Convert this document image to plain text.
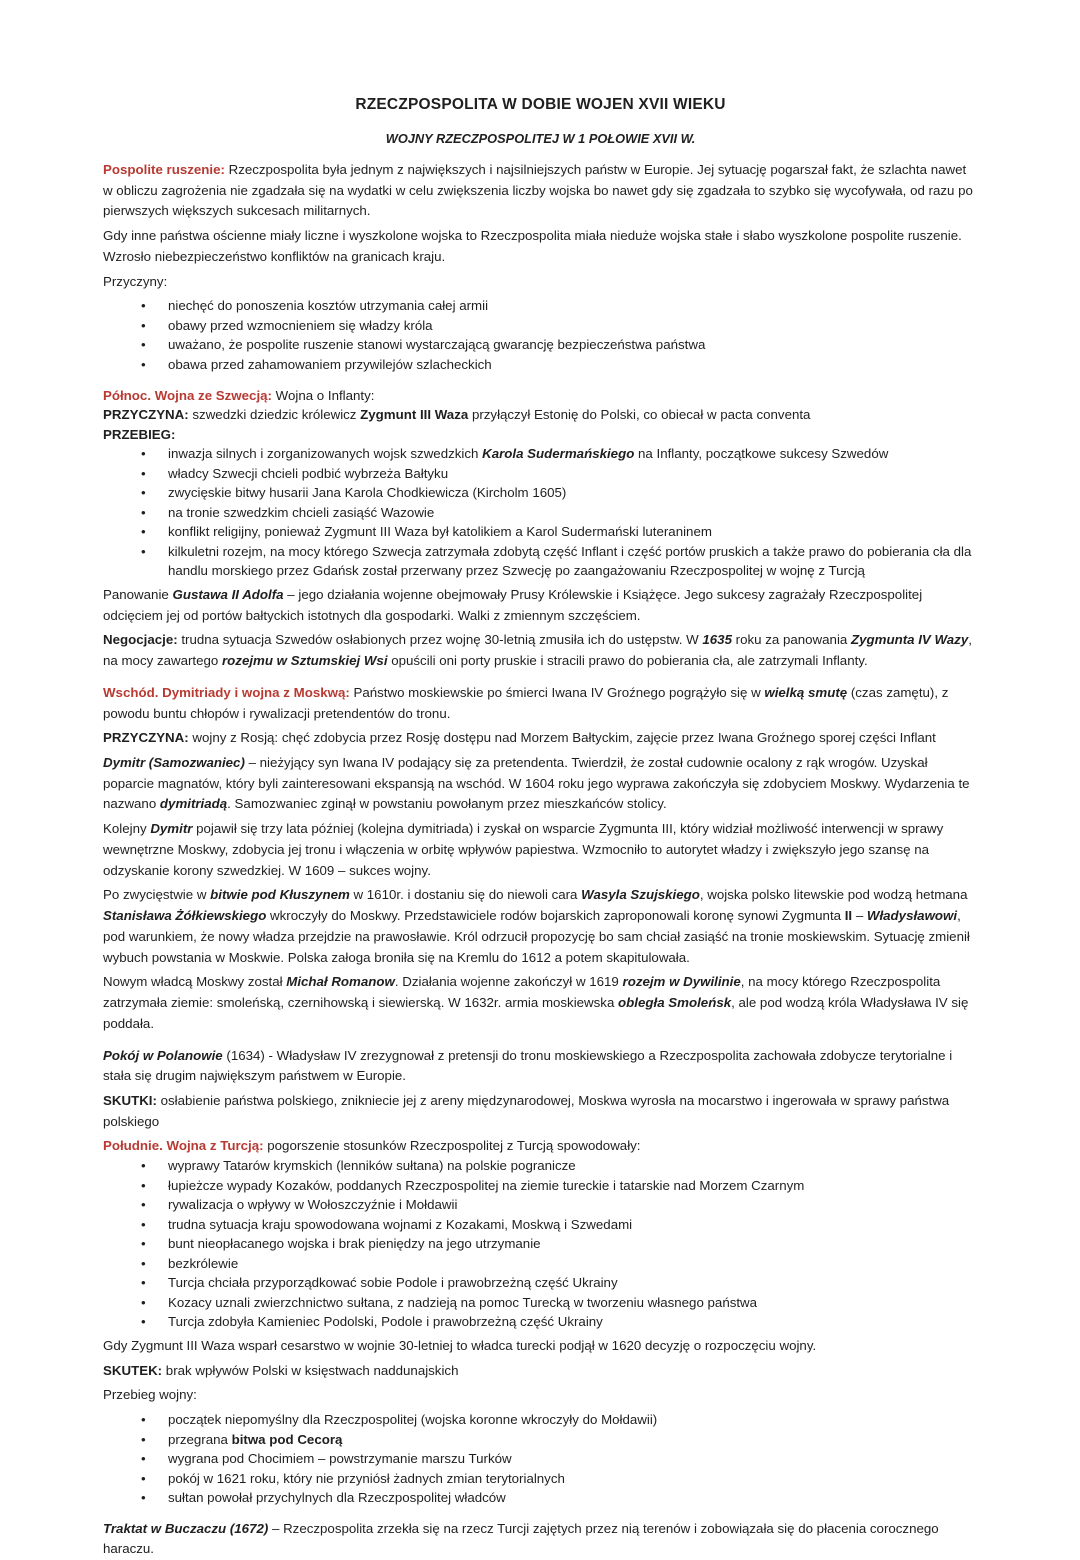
RZECZPOSPOLITA W DOBIE WOJEN XVII WIEKU
WOJNY RZECZPOSPOLITEJ W 1 POŁOWIE XVII W.

Pospolite ruszenie: Rzeczpospolita była jednym z największych i najsilniejszych państw w Europie. Jej sytuację pogarszał fakt, że szlachta nawet w obliczu zagrożenia nie zgadzała się na wydatki w celu zwiększenia liczby wojska bo nawet gdy się zgadzała to szybko się wycofywała, od razu po pierwszych większych sukcesach militarnych.

Gdy inne państwa ościenne miały liczne i wyszkolone wojska to Rzeczpospolita miała nieduże wojska stałe i słabo wyszkolone pospolite ruszenie. Wzrosło niebezpieczeństwo konfliktów na granicach kraju.

Przyczyny:

• niechęć do ponoszenia kosztów utrzymania całej armii
• obawy przed wzmocnieniem się władzy króla
• uważano, że pospolite ruszenie stanowi wystarczającą gwarancję bezpieczeństwa państwa
• obawa przed zahamowaniem przywilejów szlacheckich

Północ. Wojna ze Szwecją: Wojna o Inflanty:

PRZYCZYNA: szwedzki dziedzic królewicz Zygmunt III Waza przyłączył Estonię do Polski, co obiecał w pacta conventa

PRZEBIEG:

• inwazja silnych i zorganizowanych wojsk szwedzkich Karola Sudermańskiego na Inflanty, początkowe sukcesy Szwedów
• władcy Szwecji chcieli podbić wybrzeża Bałtyku
• zwycięskie bitwy husarii Jana Karola Chodkiewicza (Kircholm 1605)
• na tronie szwedzkim chcieli zasiąść Wazowie
• konflikt religijny, ponieważ Zygmunt III Waza był katolikiem a Karol Sudermański luteraninem
• kilkuletni rozejm, na mocy którego Szwecja zatrzymała zdobytą część Inflant i część portów pruskich a także prawo do pobierania cła dla handlu morskiego przez Gdańsk został przerwany przez Szwecję po zaangażowaniu Rzeczpospolitej w wojnę z Turcją

Panowanie Gustawa II Adolfa – jego działania wojenne obejmowały Prusy Królewskie i Książęce. Jego sukcesy zagrażały Rzeczpospolitej odcięciem jej od portów bałtyckich istotnych dla gospodarki. Walki z zmiennym szczęściem.

Negocjacje: trudna sytuacja Szwedów osłabionych przez wojnę 30-letnią zmusiła ich do ustępstw. W 1635 roku za panowania Zygmunta IV Wazy, na mocy zawartego rozejmu w Sztumskiej Wsi opuścili oni porty pruskie i stracili prawo do pobierania cła, ale zatrzymali Inflanty.

Wschód. Dymitriady i wojna z Moskwą: Państwo moskiewskie po śmierci Iwana IV Groźnego pogrążyło się w wielką smutę (czas zamętu), z powodu buntu chłopów i rywalizacji pretendentów do tronu.

PRZYCZYNA: wojny z Rosją: chęć zdobycia przez Rosję dostępu nad Morzem Bałtyckim, zajęcie przez Iwana Groźnego sporej części Inflant

Dymitr (Samozwaniec) – nieżyjący syn Iwana IV podający się za pretendenta. Twierdził, że został cudownie ocalony z rąk wrogów. Uzyskał poparcie magnatów, który byli zainteresowani ekspansją na wschód. W 1604 roku jego wyprawa zakończyła się zdobyciem Moskwy. Wydarzenia te nazwano dymitriadą. Samozwaniec zginął w powstaniu powołanym przez mieszkańców stolicy.

Kolejny Dymitr pojawił się trzy lata później (kolejna dymitriada) i zyskał on wsparcie Zygmunta III, który widział możliwość interwencji w sprawy wewnętrzne Moskwy, zdobycia jej tronu i włączenia w orbitę wpływów papiestwa. Wzmocniło to autorytet władzy i zwiększyło jego szansę na odzyskanie korony szwedzkiej. W 1609 – sukces wojny.

Po zwycięstwie w bitwie pod Kłuszynem w 1610r. i dostaniu się do niewoli cara Wasyla Szujskiego, wojska polsko litewskie pod wodzą hetmana Stanisława Żółkiewskiego wkroczyły do Moskwy. Przedstawiciele rodów bojarskich zaproponowali koronę synowi Zygmunta II – Władysławowi, pod warunkiem, że nowy władza przejdzie na prawosławie. Król odrzucił propozycję bo sam chciał zasiąść na tronie moskiewskim. Sytuację zmienił wybuch powstania w Moskwie. Polska załoga broniła się na Kremlu do 1612 a potem skapitulowała.

Nowym władcą Moskwy został Michał Romanow. Działania wojenne zakończył w 1619 rozejm w Dywilinie, na mocy którego Rzeczpospolita zatrzymała ziemie: smoleńską, czernihowską i siewierską. W 1632r. armia moskiewska obległa Smoleńsk, ale pod wodzą króla Władysława IV się poddała.

Pokój w Polanowie (1634) - Władysław IV zrezygnował z pretensji do tronu moskiewskiego a Rzeczpospolita zachowała zdobycze terytorialne i stała się drugim największym państwem w Europie.

SKUTKI: osłabienie państwa polskiego, znikniecie jej z areny międzynarodowej, Moskwa wyrosła na mocarstwo i ingerowała w sprawy państwa polskiego

Południe. Wojna z Turcją: pogorszenie stosunków Rzeczpospolitej z Turcją spowodowały:

• wyprawy Tatarów krymskich (lenników sułtana) na polskie pogranicze
• łupieżcze wypady Kozaków, poddanych Rzeczpospolitej na ziemie tureckie i tatarskie nad Morzem Czarnym
• rywalizacja o wpływy w Wołoszczyźnie i Mołdawii
• trudna sytuacja kraju spowodowana wojnami z Kozakami, Moskwą i Szwedami
• bunt nieopłacanego wojska i brak pieniędzy na jego utrzymanie
• bezkrólewie
• Turcja chciała przyporządkować sobie Podole i prawobrzeżną część Ukrainy
• Kozacy uznali zwierzchnictwo sułtana, z nadzieją na pomoc Turecką w tworzeniu własnego państwa
• Turcja zdobyła Kamieniec Podolski, Podole i prawobrzeżną część Ukrainy

Gdy Zygmunt III Waza wsparł cesarstwo w wojnie 30-letniej to władca turecki podjął w 1620 decyzję o rozpoczęciu wojny.

SKUTEK: brak wpływów Polski w księstwach naddunajskich

Przebieg wojny:

• początek niepomyślny dla Rzeczpospolitej (wojska koronne wkroczyły do Mołdawii)
• przegrana bitwa pod Cecorą
• wygrana pod Chocimiem – powstrzymanie marszu Turków
• pokój w 1621 roku, który nie przyniósł żadnych zmian terytorialnych
• sułtan powołał przychylnych dla Rzeczpospolitej władców

Traktat w Buczaczu (1672) – Rzeczpospolita zrzekła się na rzecz Turcji zajętych przez nią terenów i zobowiązała się do płacenia corocznego haraczu.
